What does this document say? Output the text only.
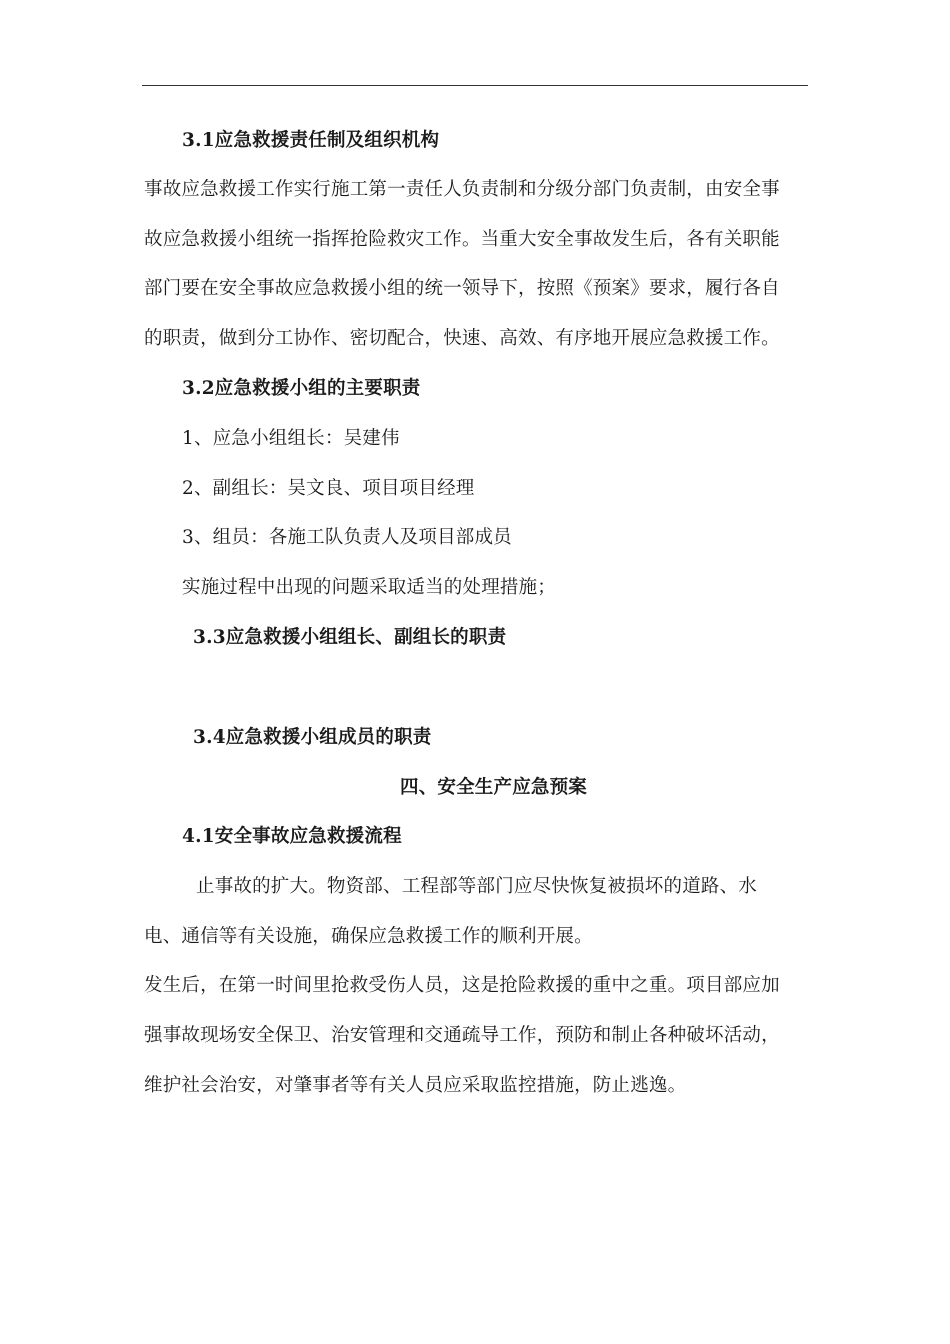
3.1应急救援责任制及组织机构
事故应急救援工作实行施工第一责任人负责制和分级分部门负责制，由安全事
故应急救援小组统一指挥抢险救灾工作。当重大安全事故发生后，各有关职能
部门要在安全事故应急救援小组的统一领导下，按照《预案》要求，履行各自
的职责，做到分工协作、密切配合，快速、高效、有序地开展应急救援工作。
3.2应急救援小组的主要职责
1、应急小组组长：吴建伟
2、副组长：吴文良、项目项目经理
3、组员：各施工队负责人及项目部成员
实施过程中出现的问题采取适当的处理措施；
3.3应急救援小组组长、副组长的职责
3.4应急救援小组成员的职责
四、安全生产应急预案
4.1安全事故应急救援流程
止事故的扩大。物资部、工程部等部门应尽快恢复被损坏的道路、水
电、通信等有关设施，确保应急救援工作的顺利开展。
发生后，在第一时间里抢救受伤人员，这是抢险救援的重中之重。项目部应加
强事故现场安全保卫、治安管理和交通疏导工作，预防和制止各种破坏活动，
维护社会治安，对肇事者等有关人员应采取监控措施，防止逃逸。
